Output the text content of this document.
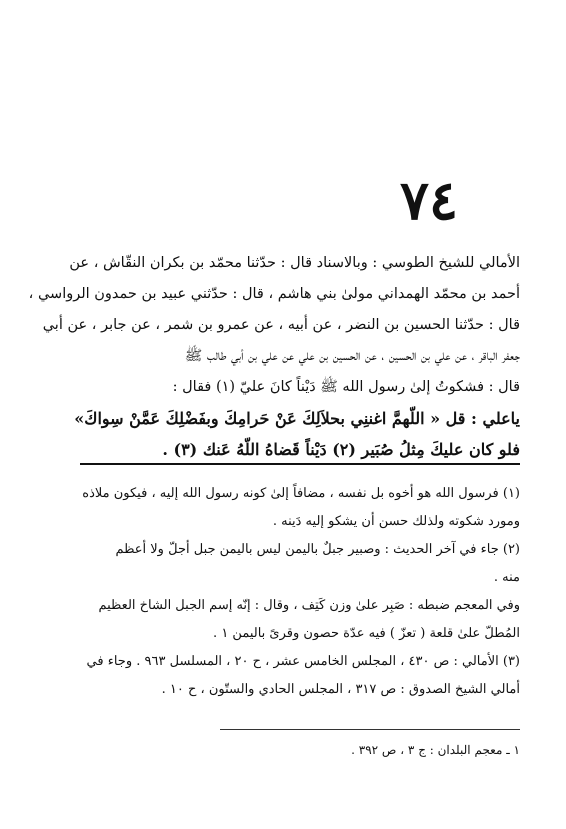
٧٤
الأمالي للشيخ الطوسي : وبالاسناد قال : حدّثنا محمّد بن بكران النقّاش ، عن
أحمد بن محمّد الهمداني مولىٰ بني هاشم ، قال : حدّثني عبيد بن حمدون الرواسي ،
قال : حدّثنا الحسين بن النضر ، عن أبيه ، عن عمرو بن شمر ، عن جابر ، عن أبي
جعفر الباقر ، عن علي بن الحسين ، عن الحسين بن علي عن علي بن أبي طالب ﷺ
قال : فشكوتُ إلىٰ رسول الله ﷺ دَيْناً كانَ عليّ (١) فقال :
ياعلي : قل « اللّهمَّ اغننِي بحلاَلِكَ عَنْ حَرامِكَ وبفَضْلِكَ عَمَّنْ سِواكَ»
فلو كان عليكَ مِثلُ صُبَير (٢) دَيْناً قَضاهُ اللّهُ عَنك (٣) .
(١) فرسول الله هو أخوه بل نفسه ، مضافاً إلىٰ كونه رسول الله إليه ، فيكون ملاذه
ومورد شكوته ولذلك حسن أن يشكو إليه دَينه .
(٢) جاء في آخر الحديث : وصبير جبلٌ باليمن ليس باليمن جبل أجلّ ولا أعظم
منه .
وفي المعجم ضبطه : صَبِر علىٰ وزن كَتِف ، وقال : إنّه إسم الجبل الشاخ العظيم
المُطلّ علىٰ قلعة ( تعزّ ) فيه عدّة حصون وقرىً باليمن ١ .
(٣) الأمالي : ص ٤٣٠ ، المجلس الخامس عشر ، ح ٢٠ ، المسلسل ٩٦٣ . وجاء في
أمالي الشيخ الصدوق : ص ٣١٧ ، المجلس الحادي والستّون ، ح ١٠ .
١ ـ معجم البلدان : ج ٣ ، ص ٣٩٢ .
